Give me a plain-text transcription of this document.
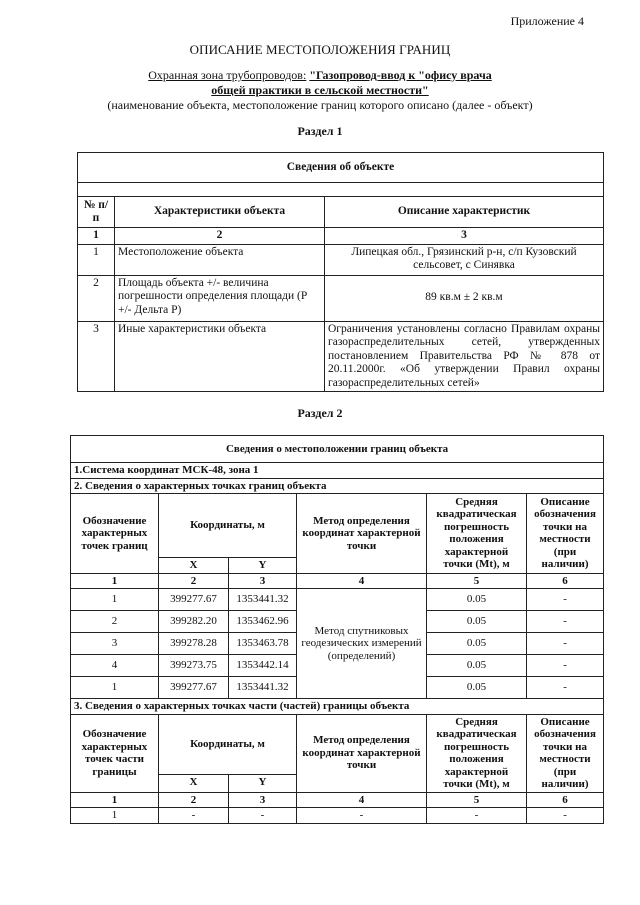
Приложение 4
ОПИСАНИЕ МЕСТОПОЛОЖЕНИЯ ГРАНИЦ
Охранная зона трубопроводов: "Газопровод-ввод к "офису врача
общей практики в сельской местности"
(наименование объекта, местоположение границ которого описано (далее - объект)
Раздел 1
Сведения об объекте		

№ п/п	Характеристики объекта	Описание характеристик
1	2	3
1	Местоположение объекта	Липецкая обл., Грязинский р-н, с/п Кузовский сельсовет, с Синявка
2	Площадь объекта +/- величина погрешности определения площади (Р +/- Дельта Р)	89 кв.м ± 2 кв.м
3	Иные характеристики объекта	Ограничения установлены согласно Правилам охраны газораспределительных сетей, утвержденных постановлением Правительства РФ № 878 от 20.11.2000г. «Об утверждении Правил охраны газораспределительных сетей»
Раздел 2
Сведения о местоположении границ объекта					
1.Система координат МСК-48, зона 1					
2. Сведения о характерных точках границ объекта					
Обозначение характерных точек границ	Координаты, м		Метод определения координат характерной точки	Средняя квадратическая погрешность положения характерной точки (Mt), м	Описание обозначения точки на местности (при наличии)
	X	Y			
1	2	3	4	5	6
1	399277.67	1353441.32	Метод спутниковых геодезических измерений (определений)	0.05	-
2	399282.20	1353462.96		0.05	-
3	399278.28	1353463.78		0.05	-
4	399273.75	1353442.14		0.05	-
1	399277.67	1353441.32		0.05	-
3. Сведения о характерных точках части (частей) границы объекта					
Обозначение характерных точек части границы	Координаты, м		Метод определения координат характерной точки	Средняя квадратическая погрешность положения характерной точки (Mt), м	Описание обозначения точки на местности (при наличии)
	X	Y			
1	2	3	4	5	6
1	-	-	-	-	-
